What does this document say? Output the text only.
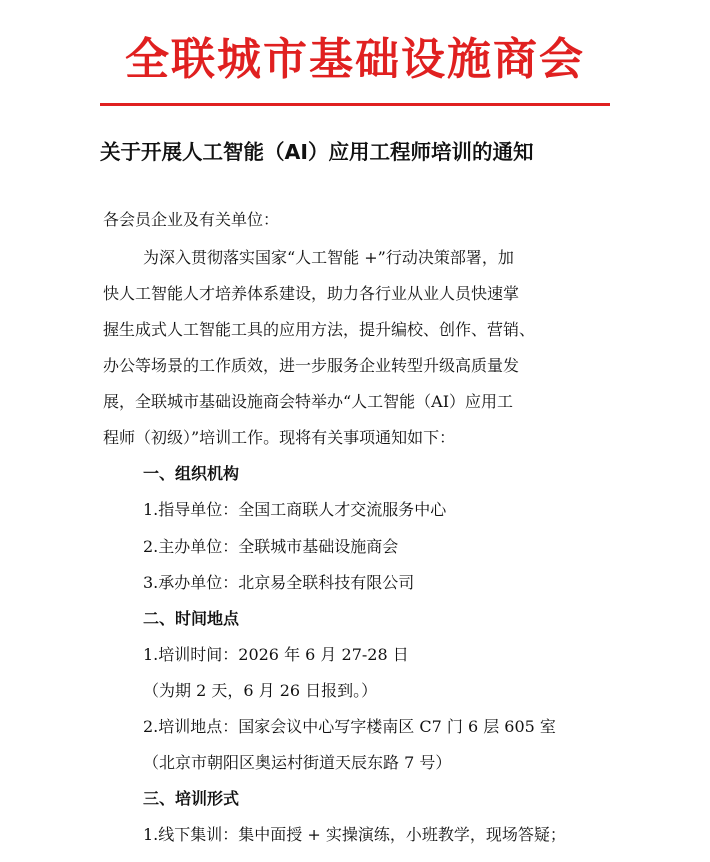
全联城市基础设施商会
关于开展人工智能（AI）应用工程师培训的通知
各会员企业及有关单位：
为深入贯彻落实国家“人工智能 +”行动决策部署，加
快人工智能人才培养体系建设，助力各行业从业人员快速掌
握生成式人工智能工具的应用方法，提升编校、创作、营销、
办公等场景的工作质效，进一步服务企业转型升级高质量发
展，全联城市基础设施商会特举办“人工智能（AI）应用工
程师（初级）”培训工作。现将有关事项通知如下：
一、组织机构
1.指导单位：全国工商联人才交流服务中心
2.主办单位：全联城市基础设施商会
3.承办单位：北京易全联科技有限公司
二、时间地点
1.培训时间：2026 年 6 月 27-28 日
（为期 2 天，6 月 26 日报到。）
2.培训地点：国家会议中心写字楼南区 C7 门 6 层 605 室
（北京市朝阳区奥运村街道天辰东路 7 号）
三、培训形式
1.线下集训：集中面授 + 实操演练，小班教学，现场答疑；
